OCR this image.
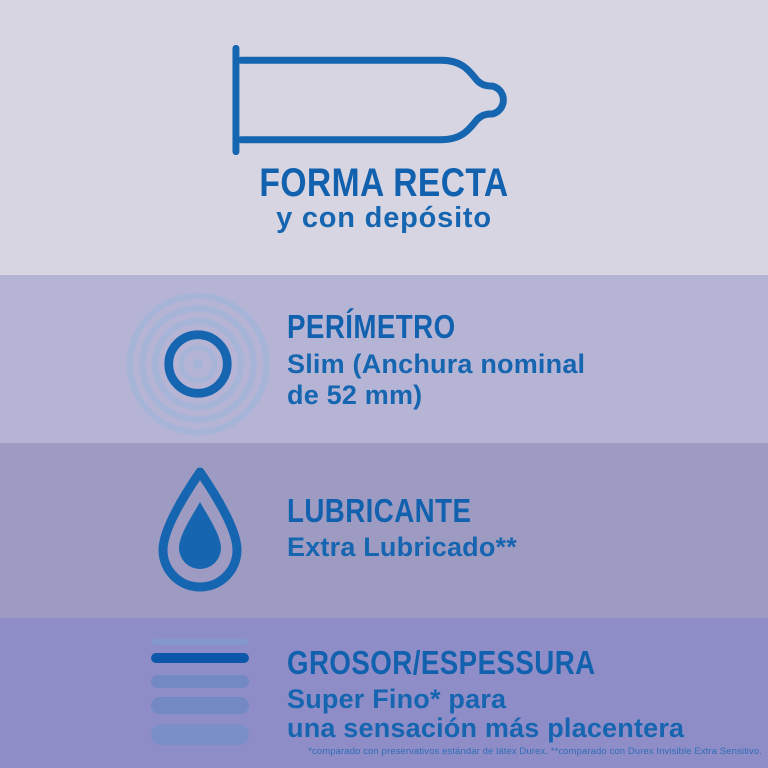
FORMA RECTA
y con depósito
PERÍMETRO
Slim (Anchura nominal
de 52 mm)
LUBRICANTE
Extra Lubricado**
GROSOR/ESPESSURA
Super Fino* para
una sensación más placentera
*comparado con preservativos estándar de látex Durex. **comparado con Durex Invisible Extra Sensitivo.
